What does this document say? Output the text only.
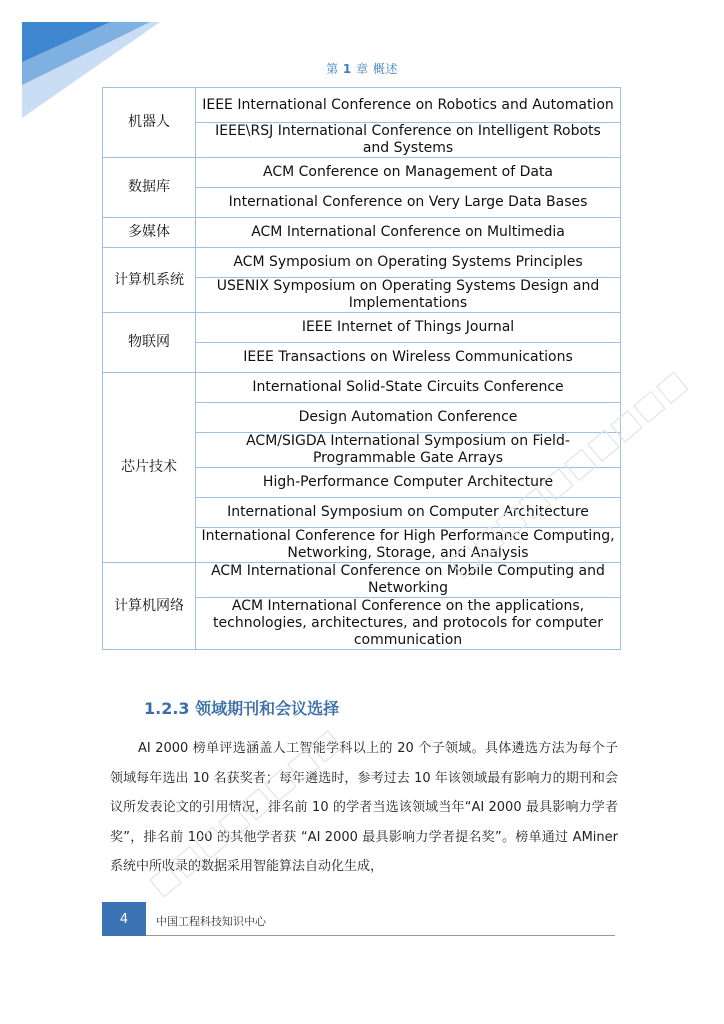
第 1 章 概述
机器人	IEEE International Conference on Robotics and Automation
	IEEE\RSJ International Conference on Intelligent Robots and Systems
数据库	ACM Conference on Management of Data
	International Conference on Very Large Data Bases
多媒体	ACM International Conference on Multimedia
计算机系统	ACM Symposium on Operating Systems Principles
	USENIX Symposium on Operating Systems Design and Implementations
物联网	IEEE Internet of Things Journal
	IEEE Transactions on Wireless Communications
芯片技术	International Solid-State Circuits Conference
	Design Automation Conference
	ACM/SIGDA International Symposium on Field-Programmable Gate Arrays
	High-Performance Computer Architecture
	International Symposium on Computer Architecture
	International Conference for High Performance Computing, Networking, Storage, and Analysis
计算机网络	ACM International Conference on Mobile Computing and Networking
	ACM International Conference on the applications, technologies, architectures, and protocols for computer communication
1.2.3 领域期刊和会议选择

AI 2000 榜单评选涵盖人工智能学科以上的 20 个子领域。具体遴选方法为每个子领域每年选出 10 名获奖者；每年遴选时，参考过去 10 年该领域最有影响力的期刊和会议所发表论文的引用情况，排名前 10 的学者当选该领域当年“AI 2000 最具影响力学者奖”，排名前 100 的其他学者获 “AI 2000 最具影响力学者提名奖”。榜单通过 AMiner 系统中所收录的数据采用智能算法自动化生成，

4	中国工程科技知识中心
